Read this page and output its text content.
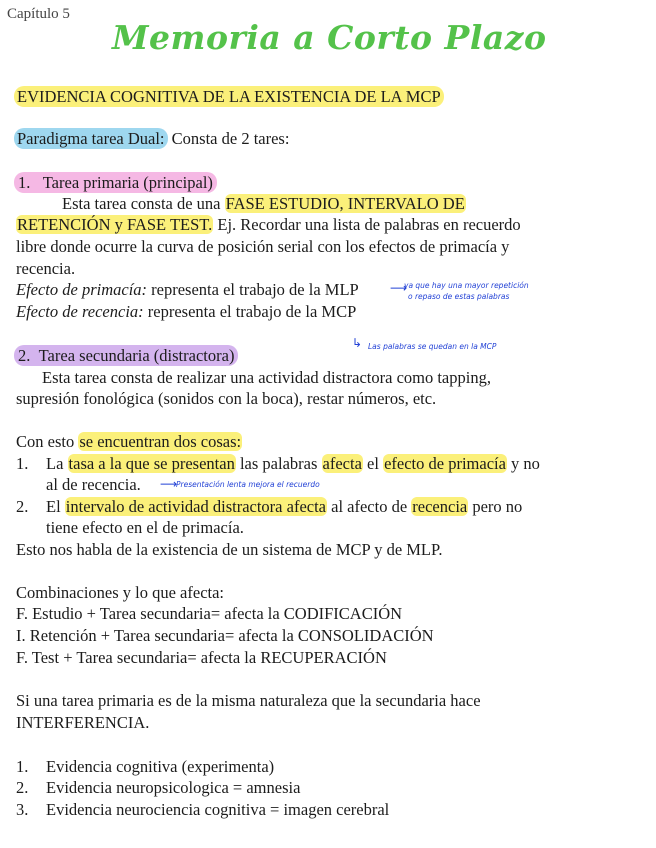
Capítulo 5
Memoria a Corto Plazo
EVIDENCIA COGNITIVA DE LA EXISTENCIA DE LA MCP
Paradigma tarea Dual: Consta de 2 tares:
1. Tarea primaria (principal)
Esta tarea consta de una FASE ESTUDIO, INTERVALO DE
RETENCIÓN y FASE TEST. Ej. Recordar una lista de palabras en recuerdo
libre donde ocurre la curva de posición serial con los efectos de primacía y
recencia.
Efecto de primacía: representa el trabajo de la MLP
Efecto de recencia: representa el trabajo de la MCP
⟶
ya que hay una mayor repetición
o repaso de estas palabras
↳ Las palabras se quedan en la MCP
2. Tarea secundaria (distractora)
Esta tarea consta de realizar una actividad distractora como tapping,
supresión fonológica (sonidos con la boca), restar números, etc.
Con esto se encuentran dos cosas:
1. La tasa a la que se presentan las palabras afecta el efecto de primacía y no
al de recencia. ⟶
Presentación lenta mejora el recuerdo
2. El intervalo de actividad distractora afecta al afecto de recencia pero no
tiene efecto en el de primacía.
Esto nos habla de la existencia de un sistema de MCP y de MLP.
Combinaciones y lo que afecta:
F. Estudio + Tarea secundaria= afecta la CODIFICACIÓN
I. Retención + Tarea secundaria= afecta la CONSOLIDACIÓN
F. Test + Tarea secundaria= afecta la RECUPERACIÓN
Si una tarea primaria es de la misma naturaleza que la secundaria hace
INTERFERENCIA.
1. Evidencia cognitiva (experimenta)
2. Evidencia neuropsicologica = amnesia
3. Evidencia neurociencia cognitiva = imagen cerebral
